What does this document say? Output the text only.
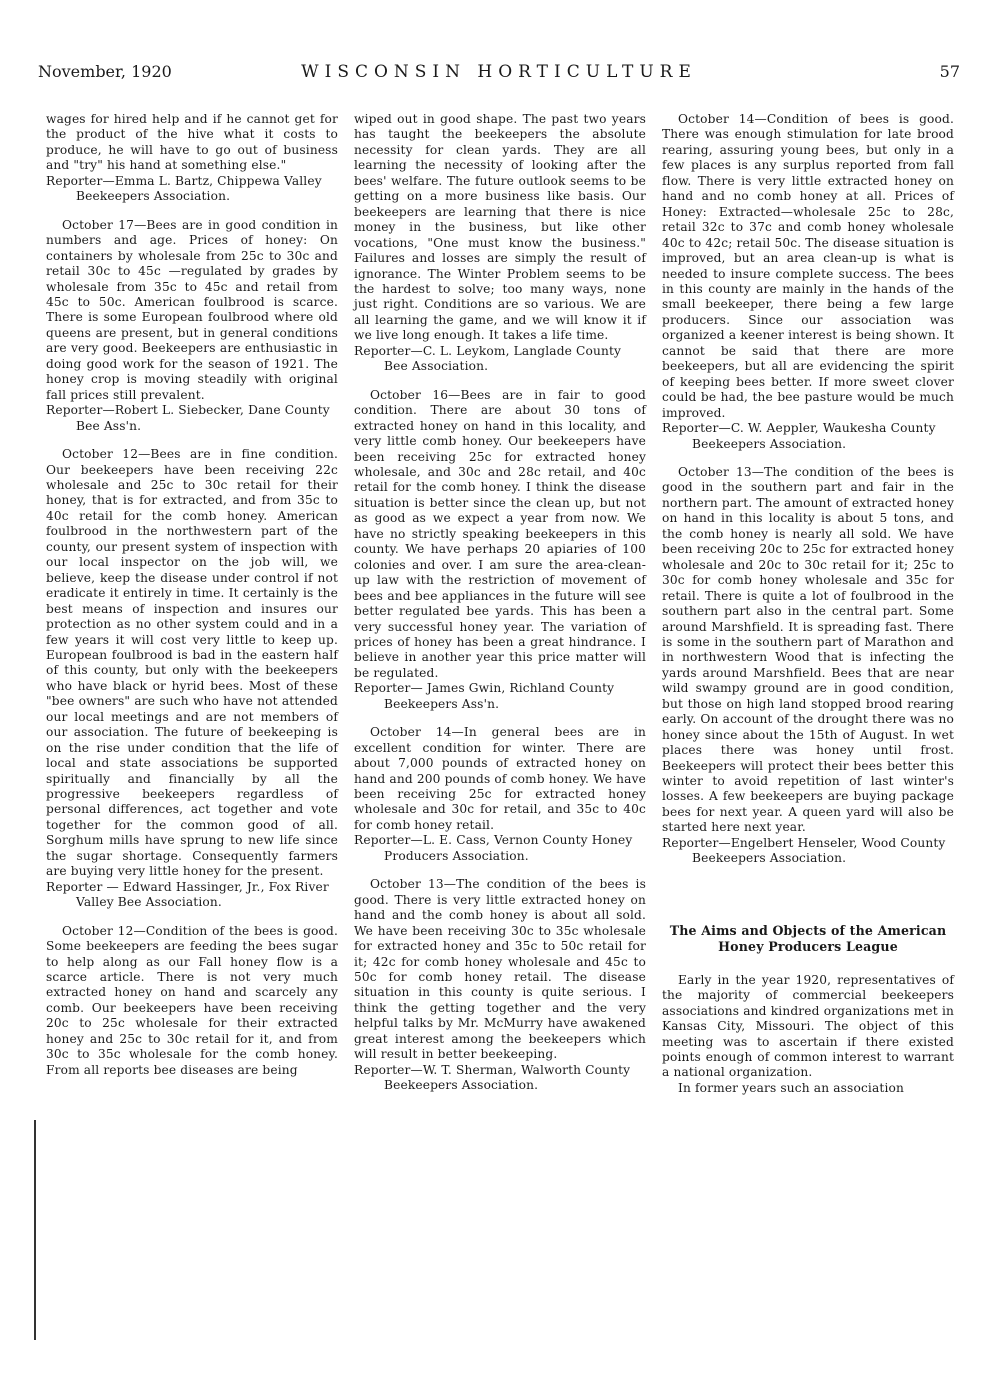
November, 1920	WISCONSIN HORTICULTURE	57

wages for hired help and if he cannot get for the product of the hive what it costs to produce, he will have to go out of business and "try" his hand at something else."

Reporter—Emma L. Bartz, Chippewa Valley Beekeepers Association.

October 17—Bees are in good condition in numbers and age. Prices of honey: On containers by wholesale from 25c to 30c and retail 30c to 45c —regulated by grades by wholesale from 35c to 45c and retail from 45c to 50c. American foulbrood is scarce. There is some European foulbrood where old queens are present, but in general conditions are very good. Beekeepers are enthusiastic in doing good work for the season of 1921. The honey crop is moving steadily with original fall prices still prevalent.

Reporter—Robert L. Siebecker, Dane County Bee Ass'n.

October 12—Bees are in fine condition. Our beekeepers have been receiving 22c wholesale and 25c to 30c retail for their honey, that is for extracted, and from 35c to 40c retail for the comb honey. American foulbrood in the northwestern part of the county, our present system of inspection with our local inspector on the job will, we believe, keep the disease under control if not eradicate it entirely in time. It certainly is the best means of inspection and insures our protection as no other system could and in a few years it will cost very little to keep up. European foulbrood is bad in the eastern half of this county, but only with the beekeepers who have black or hyrid bees. Most of these "bee owners" are such who have not attended our local meetings and are not members of our association. The future of beekeeping is on the rise under condition that the life of local and state associations be supported spiritually and financially by all the progressive beekeepers regardless of personal differences, act together and vote together for the common good of all. Sorghum mills have sprung to new life since the sugar shortage. Consequently farmers are buying very little honey for the present.

Reporter — Edward Hassinger, Jr., Fox River Valley Bee Association.

October 12—Condition of the bees is good. Some beekeepers are feeding the bees sugar to help along as our Fall honey flow is a scarce article. There is not very much extracted honey on hand and scarcely any comb. Our beekeepers have been receiving 20c to 25c wholesale for their extracted honey and 25c to 30c retail for it, and from 30c to 35c wholesale for the comb honey. From all reports bee diseases are being

wiped out in good shape. The past two years has taught the beekeepers the absolute necessity for clean yards. They are all learning the necessity of looking after the bees' welfare. The future outlook seems to be getting on a more business like basis. Our beekeepers are learning that there is nice money in the business, but like other vocations, "One must know the business." Failures and losses are simply the result of ignorance. The Winter Problem seems to be the hardest to solve; too many ways, none just right. Conditions are so various. We are all learning the game, and we will know it if we live long enough. It takes a life time.

Reporter—C. L. Leykom, Langlade County Bee Association.

October 16—Bees are in fair to good condition. There are about 30 tons of extracted honey on hand in this locality, and very little comb honey. Our beekeepers have been receiving 25c for extracted honey wholesale, and 30c and 28c retail, and 40c retail for the comb honey. I think the disease situation is better since the clean up, but not as good as we expect a year from now. We have no strictly speaking beekeepers in this county. We have perhaps 20 apiaries of 100 colonies and over. I am sure the area-clean-up law with the restriction of movement of bees and bee appliances in the future will see better regulated bee yards. This has been a very successful honey year. The variation of prices of honey has been a great hindrance. I believe in another year this price matter will be regulated.

Reporter— James Gwin, Richland County Beekeepers Ass'n.

October 14—In general bees are in excellent condition for winter. There are about 7,000 pounds of extracted honey on hand and 200 pounds of comb honey. We have been receiving 25c for extracted honey wholesale and 30c for retail, and 35c to 40c for comb honey retail.

Reporter—L. E. Cass, Vernon County Honey Producers Association.

October 13—The condition of the bees is good. There is very little extracted honey on hand and the comb honey is about all sold. We have been receiving 30c to 35c wholesale for extracted honey and 35c to 50c retail for it; 42c for comb honey wholesale and 45c to 50c for comb honey retail. The disease situation in this county is quite serious. I think the getting together and the very helpful talks by Mr. McMurry have awakened great interest among the beekeepers which will result in better beekeeping.

Reporter—W. T. Sherman, Walworth County Beekeepers Association.

October 14—Condition of bees is good. There was enough stimulation for late brood rearing, assuring young bees, but only in a few places is any surplus reported from fall flow. There is very little extracted honey on hand and no comb honey at all. Prices of Honey: Extracted—wholesale 25c to 28c, retail 32c to 37c and comb honey wholesale 40c to 42c; retail 50c. The disease situation is improved, but an area clean-up is what is needed to insure complete success. The bees in this county are mainly in the hands of the small beekeeper, there being a few large producers. Since our association was organized a keener interest is being shown. It cannot be said that there are more beekeepers, but all are evidencing the spirit of keeping bees better. If more sweet clover could be had, the bee pasture would be much improved.

Reporter—C. W. Aeppler, Waukesha County Beekeepers Association.

October 13—The condition of the bees is good in the southern part and fair in the northern part. The amount of extracted honey on hand in this locality is about 5 tons, and the comb honey is nearly all sold. We have been receiving 20c to 25c for extracted honey wholesale and 20c to 30c retail for it; 25c to 30c for comb honey wholesale and 35c for retail. There is quite a lot of foulbrood in the southern part also in the central part. Some around Marshfield. It is spreading fast. There is some in the southern part of Marathon and in northwestern Wood that is infecting the yards around Marshfield. Bees that are near wild swampy ground are in good condition, but those on high land stopped brood rearing early. On account of the drought there was no honey since about the 15th of August. In wet places there was honey until frost. Beekeepers will protect their bees better this winter to avoid repetition of last winter's losses. A few beekeepers are buying package bees for next year. A queen yard will also be started here next year.

Reporter—Engelbert Henseler, Wood County Beekeepers Association.

The Aims and Objects of the American Honey Producers League

Early in the year 1920, representatives of the majority of commercial beekeepers associations and kindred organizations met in Kansas City, Missouri. The object of this meeting was to ascertain if there existed points enough of common interest to warrant a national organization.

In former years such an association
